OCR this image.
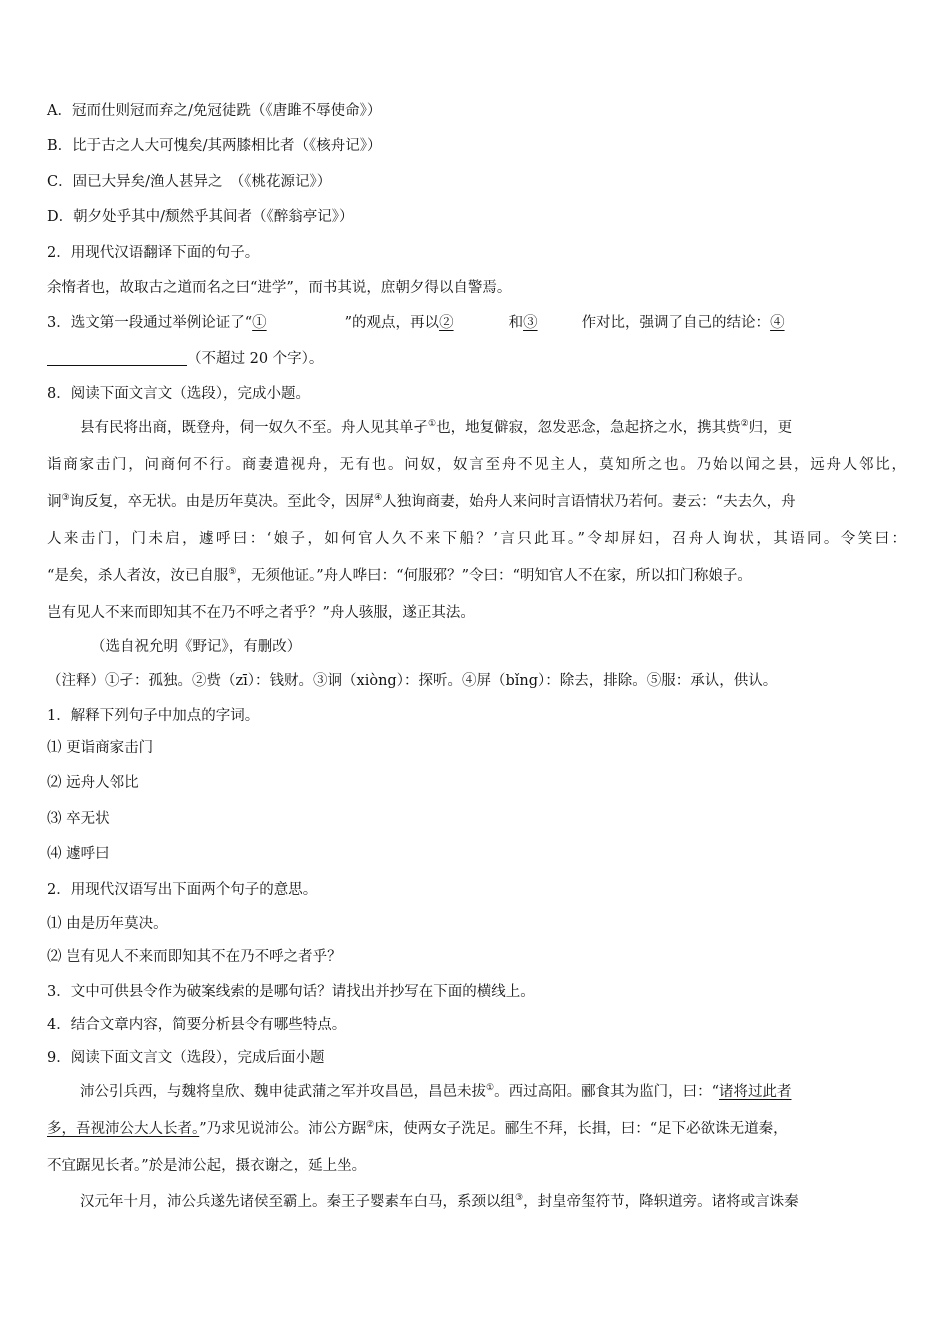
A．冠而仕则冠而弃之/免冠徒跣（《唐雎不辱使命》）
B．比于古之人大可愧矣/其两膝相比者（《核舟记》）
C．固已大异矣/渔人甚异之　（《桃花源记》）
D．朝夕处乎其中/颓然乎其间者（《醉翁亭记》）
2．用现代汉语翻译下面的句子。
余惰者也，故取古之道而名之曰“进学”，而书其说，庶朝夕得以自警焉。
3．选文第一段通过举例论证了“①	”的观点，再以②	和③	作对比，强调了自己的结论：④
（不超过 20 个字）。
8．阅读下面文言文（选段），完成小题。
县有民将出商，既登舟，伺一奴久不至。舟人见其单孑①也，地复僻寂，忽发恶念，急起挤之水，携其赀②归，更
诣商家击门，问商何不行。商妻遣视舟，无有也。问奴，奴言至舟不见主人，莫知所之也。乃始以闻之县，远舟人邻比，
诇③询反复，卒无状。由是历年莫决。至此令，因屏④人独询商妻，始舟人来问时言语情状乃若何。妻云：“夫去久，舟
人来击门，门未启，遽呼曰：‘娘子，如何官人久不来下船？’言只此耳。”令却屏妇，召舟人询状，其语同。令笑曰：
“是矣，杀人者汝，汝已自服⑤，无须他证。”舟人哗曰：“何服邪？”令曰：“明知官人不在家，所以扣门称娘子。
岂有见人不来而即知其不在乃不呼之者乎？”舟人骇服，遂正其法。
（选自祝允明《野记》，有删改）
（注释）①孑：孤独。②赀（zī）：钱财。③诇（xiòng）：探听。④屏（bǐng）：除去，排除。⑤服：承认，供认。
1．解释下列句子中加点的字词。
⑴ 更诣商家击门
⑵ 远舟人邻比
⑶ 卒无状
⑷ 遽呼曰
2．用现代汉语写出下面两个句子的意思。
⑴ 由是历年莫决。
⑵ 岂有见人不来而即知其不在乃不呼之者乎？
3．文中可供县令作为破案线索的是哪句话？请找出并抄写在下面的横线上。
4．结合文章内容，简要分析县令有哪些特点。
9．阅读下面文言文（选段），完成后面小题
沛公引兵西，与魏将皇欣、魏申徒武蒲之军并攻昌邑，昌邑未拔①。西过高阳。郦食其为监门，曰：“诸将过此者
多，吾视沛公大人长者。”乃求见说沛公。沛公方踞②床，使两女子洗足。郦生不拜，长揖，曰：“足下必欲诛无道秦，
不宜踞见长者。”於是沛公起，摄衣谢之，延上坐。
汉元年十月，沛公兵遂先诸侯至霸上。秦王子婴素车白马，系颈以组③，封皇帝玺符节，降轵道旁。诸将或言诛秦
